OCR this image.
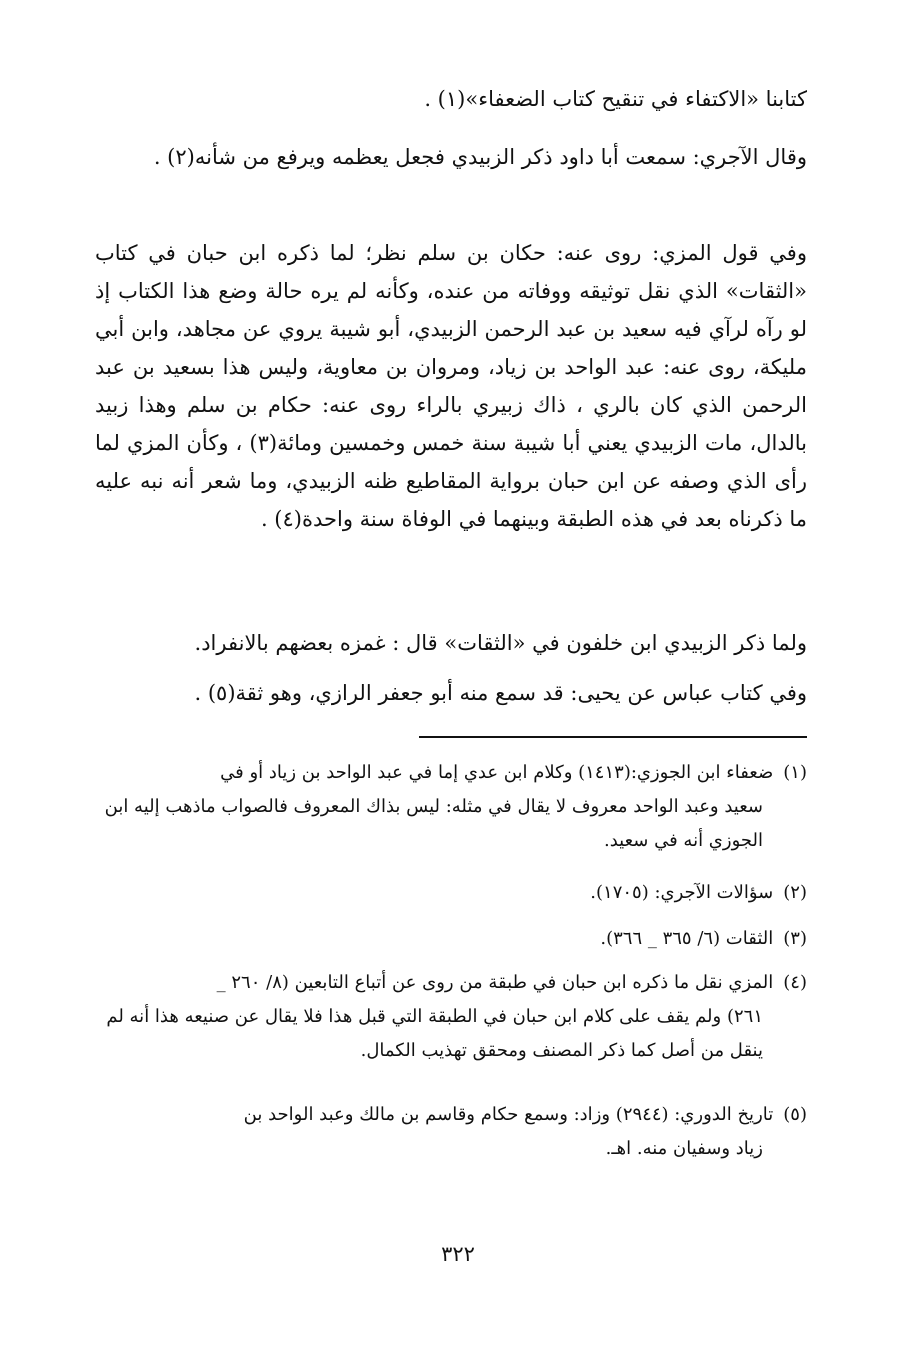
كتابنا «الاكتفاء في تنقيح كتاب الضعفاء»(١) .

وقال الآجري: سمعت أبا داود ذكر الزبيدي فجعل يعظمه ويرفع من شأنه(٢) .

وفي قول المزي: روى عنه: حكان بن سلم نظر؛ لما ذكره ابن حبان في كتاب «الثقات» الذي نقل توثيقه ووفاته من عنده، وكأنه لم يره حالة وضع هذا الكتاب إذ لو رآه لرآي فيه سعيد بن عبد الرحمن الزبيدي، أبو شيبة يروي عن مجاهد، وابن أبي مليكة، روى عنه: عبد الواحد بن زياد، ومروان بن معاوية، وليس هذا بسعيد بن عبد الرحمن الذي كان بالري ، ذاك زبيري بالراء روى عنه: حكام بن سلم وهذا زبيد بالدال، مات الزبيدي يعني أبا شيبة سنة خمس وخمسين ومائة(٣) ، وكأن المزي لما رأى الذي وصفه عن ابن حبان برواية المقاطيع ظنه الزبيدي، وما شعر أنه نبه عليه ما ذكرناه بعد في هذه الطبقة وبينهما في الوفاة سنة واحدة(٤) .

ولما ذكر الزبيدي ابن خلفون في «الثقات» قال : غمزه بعضهم بالانفراد.

وفي كتاب عباس عن يحيى: قد سمع منه أبو جعفر الرازي، وهو ثقة(٥) .

(١)ضعفاء ابن الجوزي:(١٤١٣) وكلام ابن عدي إما في عبد الواحد بن زياد أو في
سعيد وعبد الواحد معروف لا يقال في مثله: ليس بذاك المعروف فالصواب ماذهب إليه ابن الجوزي أنه في سعيد.
(٢)سؤالات الآجري: (١٧٠٥).
(٣)الثقات (٦/ ٣٦٥ _ ٣٦٦).
(٤)المزي نقل ما ذكره ابن حبان في طبقة من روى عن أتباع التابعين (٨/ ٢٦٠ _
٢٦١) ولم يقف على كلام ابن حبان في الطبقة التي قبل هذا فلا يقال عن صنيعه هذا أنه لم ينقل من أصل كما ذكر المصنف ومحقق تهذيب الكمال.
(٥)تاريخ الدوري: (٢٩٤٤) وزاد: وسمع حكام وقاسم بن مالك وعبد الواحد بن
زياد وسفيان منه. اهـ.
٣٢٢
